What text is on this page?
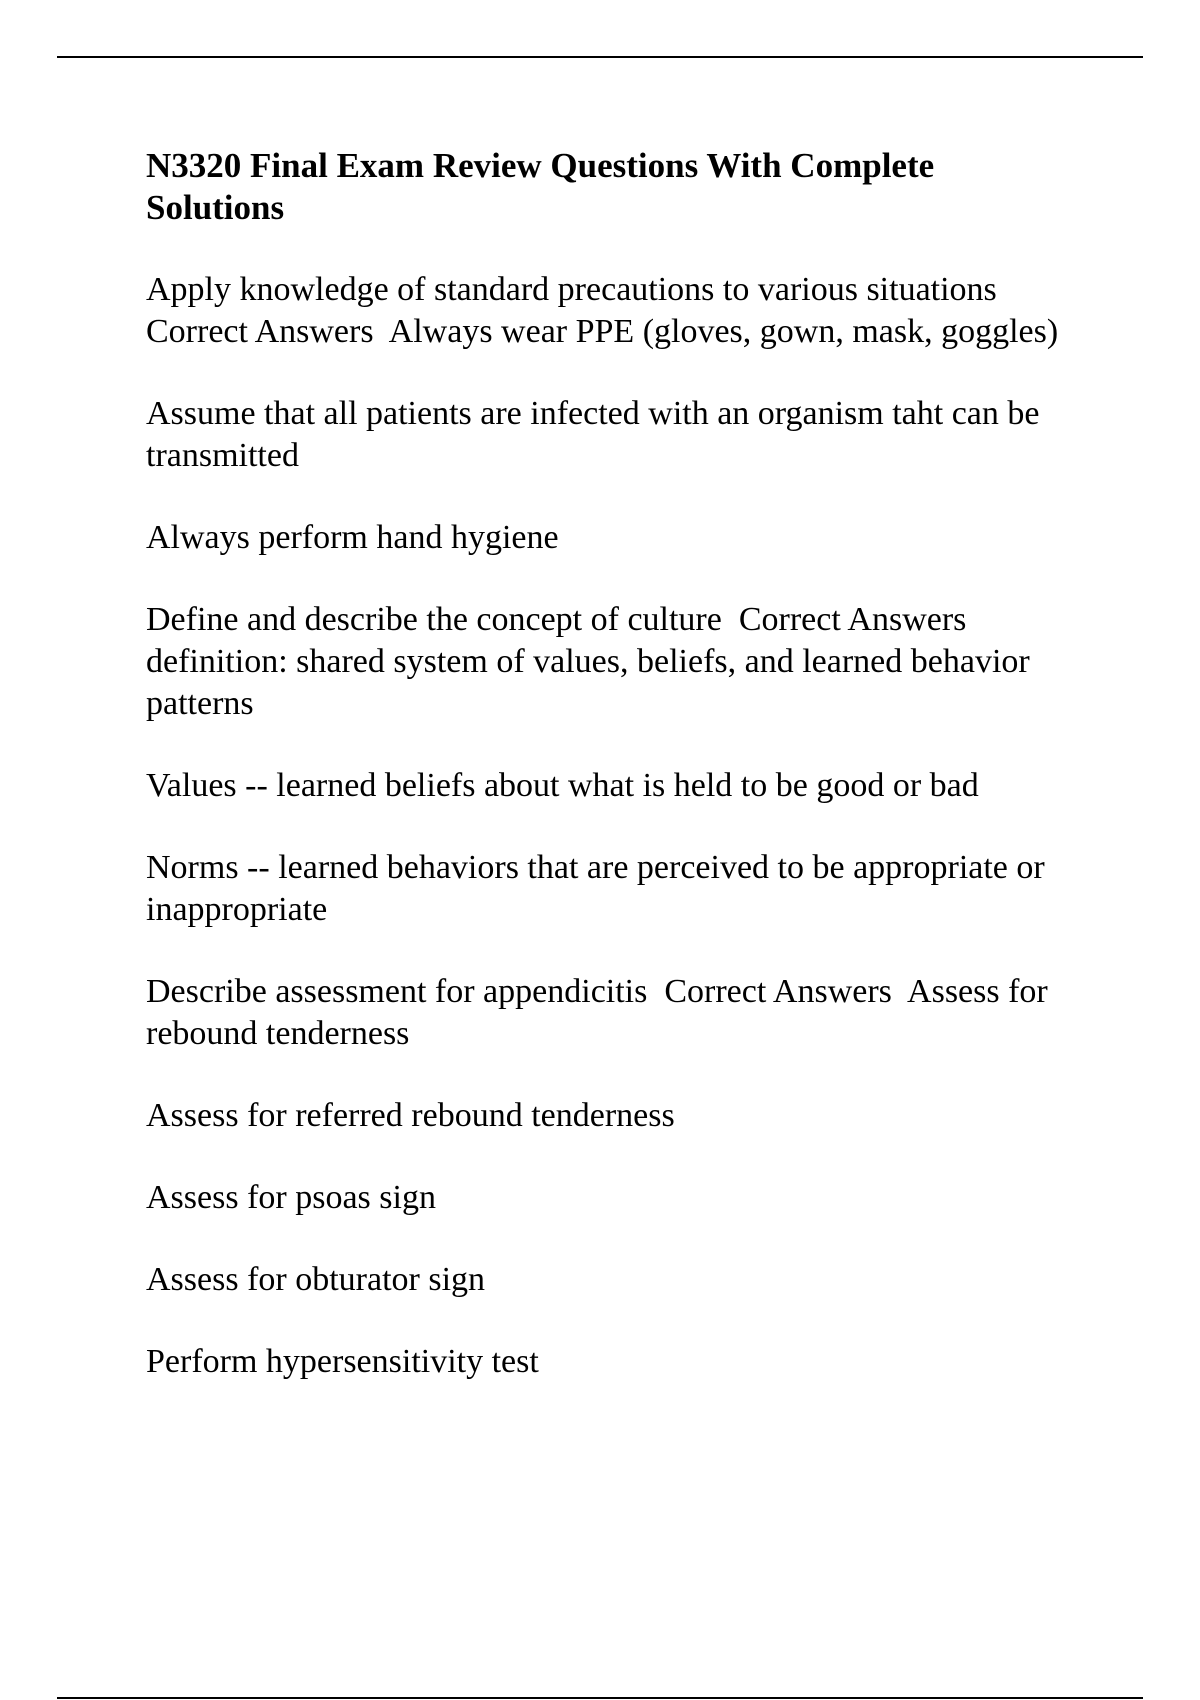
N3320 Final Exam Review Questions With Complete
Solutions

Apply knowledge of standard precautions to various situations Correct Answers  Always wear PPE (gloves, gown, mask, goggles)

Assume that all patients are infected with an organism taht can be transmitted

Always perform hand hygiene

Define and describe the concept of culture  Correct Answers definition: shared system of values, beliefs, and learned behavior patterns

Values -- learned beliefs about what is held to be good or bad

Norms -- learned behaviors that are perceived to be appropriate or inappropriate

Describe assessment for appendicitis  Correct Answers  Assess for rebound tenderness

Assess for referred rebound tenderness

Assess for psoas sign

Assess for obturator sign

Perform hypersensitivity test
